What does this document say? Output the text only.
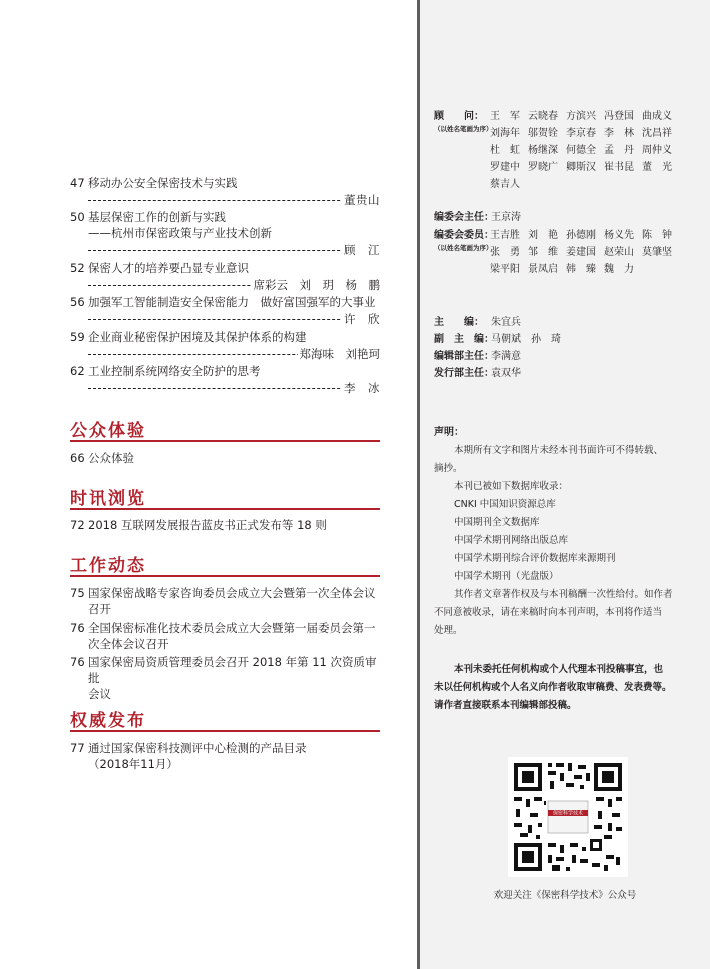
47 移动办公安全保密技术与实践
董贵山
50 基层保密工作的创新与实践
——杭州市保密政策与产业技术创新
顾　江
52 保密人才的培养要凸显专业意识
席彩云　刘　玥　杨　鹏
56 加强军工智能制造安全保密能力　做好富国强军的大事业
许　欣
59 企业商业秘密保护困境及其保护体系的构建
郑海味　刘艳珂
62 工业控制系统网络安全防护的思考
李　冰
公众体验
66 公众体验
时讯浏览
72 2018 互联网发展报告蓝皮书正式发布等 18 则
工作动态
75 国家保密战略专家咨询委员会成立大会暨第一次全体会议
召开
76 全国保密标准化技术委员会成立大会暨第一届委员会第一
次全体会议召开
76 国家保密局资质管理委员会召开 2018 年第 11 次资质审批
会议
权威发布
77 通过国家保密科技测评中心检测的产品目录
（2018年11月）
顾　　问：
（以姓名笔画为序）
王　军 云晓春 方滨兴 冯登国 曲成义
刘海年 邬贺铨 李京春 李　林 沈昌祥
杜　虹 杨继深 何德全 孟　丹 周仲义
罗建中 罗晓广 卿斯汉 崔书昆 董　光
蔡吉人
编委会主任：
王京涛
编委会委员：
（以姓名笔画为序）
王吉胜 刘　艳 孙德刚 杨义先 陈　钟
张　勇 邹　维 姜建国 赵荣山 莫肇坚
梁平阳 景凤启 韩　臻 魏　力
主　　编： 朱宜兵
副　主　编：
马朝斌　孙　琦
编辑部主任：
李满意
发行部主任：
袁双华

声明：

本期所有文字和图片未经本刊书面许可不得转载、

摘抄。

本刊已被如下数据库收录：

CNKI 中国知识资源总库

中国期刊全文数据库

中国学术期刊网络出版总库

中国学术期刊综合评价数据库来源期刊

中国学术期刊（光盘版）

其作者文章著作权及与本刊稿酬一次性给付。如作者

不同意被收录，请在来稿时向本刊声明，本刊将作适当

处理。

本刊未委托任何机构或个人代理本刊投稿事宜，也
未以任何机构或个人名义向作者收取审稿费、发表费等。
请作者直接联系本刊编辑部投稿。
保密科学技术
欢迎关注《保密科学技术》公众号
